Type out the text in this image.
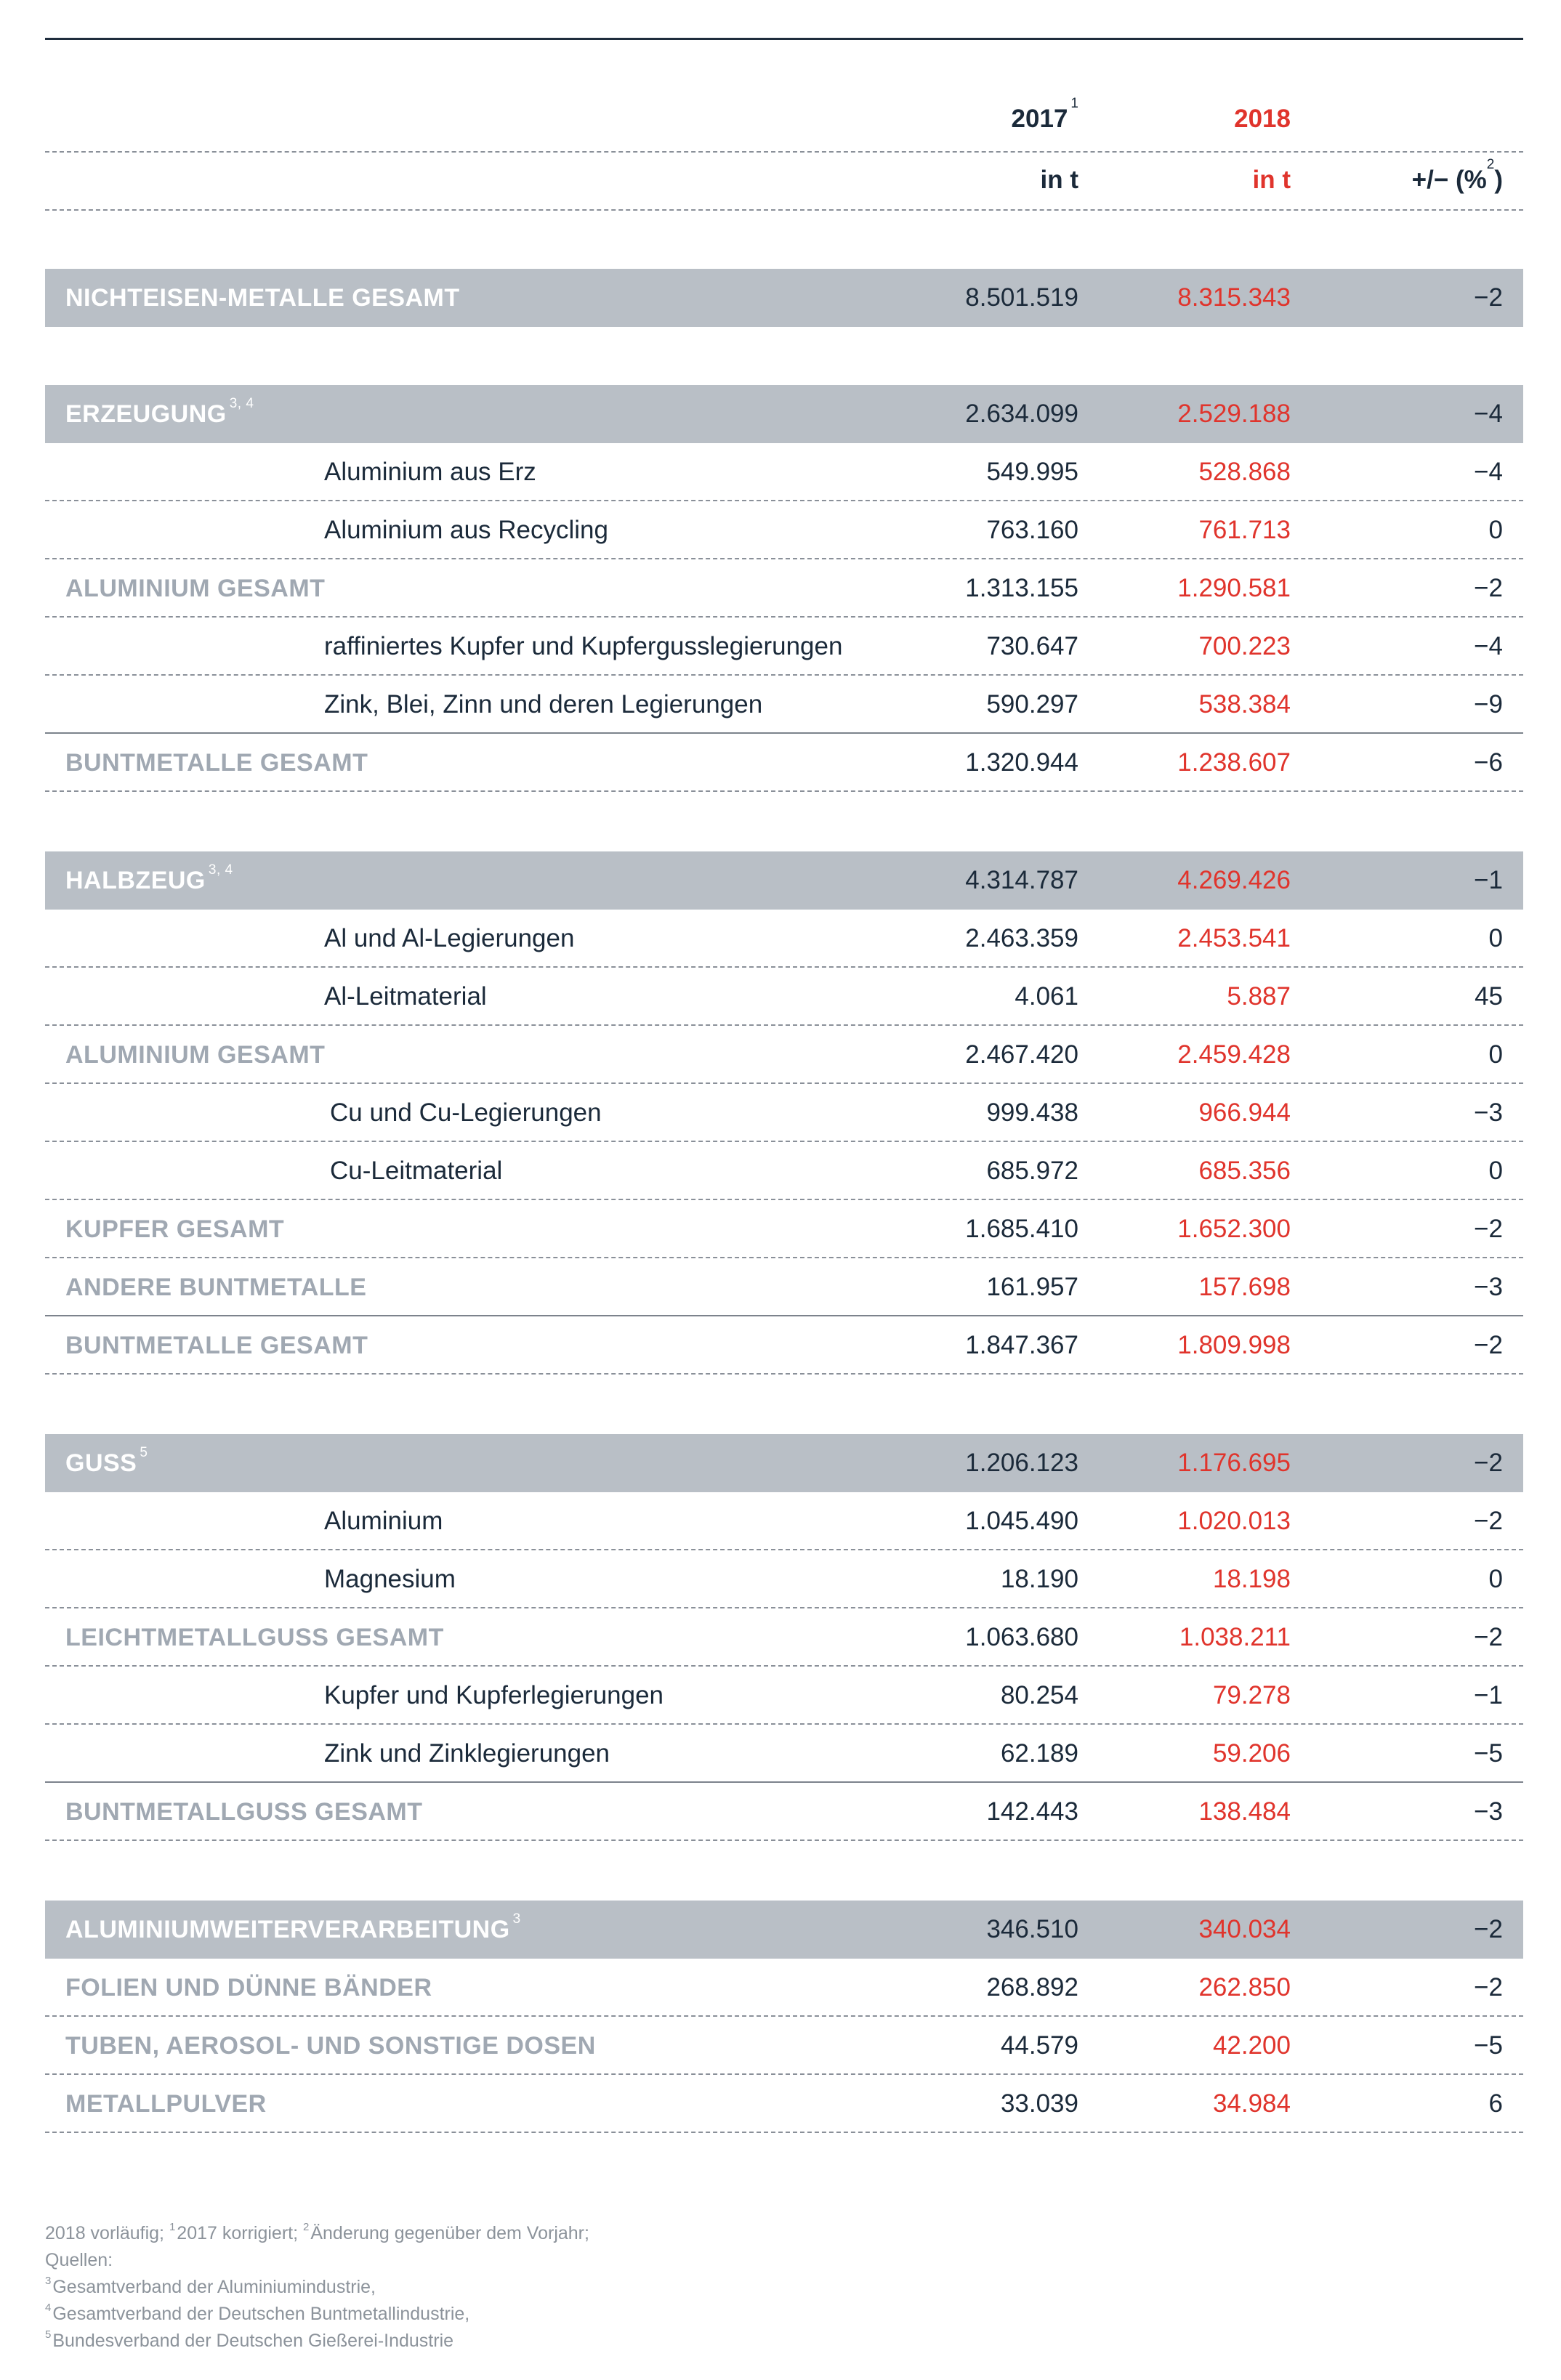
2017$^1$
2018
in t	in t	+/− (%$^2$)
NICHTEISEN-METALLE GESAMT	8.501.519	8.315.343	−2
ERZEUGUNG $^{3, 4}$	2.634.099	2.529.188	−4
Aluminium aus Erz	549.995	528.868	−4
Aluminium aus Recycling	763.160	761.713	0
ALUMINIUM GESAMT	1.313.155	1.290.581	−2
raffiniertes Kupfer und Kupfergusslegierungen	730.647	700.223	−4
Zink, Blei, Zinn und deren Legierungen	590.297	538.384	−9
BUNTMETALLE GESAMT	1.320.944	1.238.607	−6
HALBZEUG $^{3, 4}$	4.314.787	4.269.426	−1
Al und Al-Legierungen	2.463.359	2.453.541	0
Al-Leitmaterial	4.061	5.887	45
ALUMINIUM GESAMT	2.467.420	2.459.428	0
Cu und Cu-Legierungen	999.438	966.944	−3
Cu-Leitmaterial	685.972	685.356	0
KUPFER GESAMT	1.685.410	1.652.300	−2
ANDERE BUNTMETALLE	161.957	157.698	−3
BUNTMETALLE GESAMT	1.847.367	1.809.998	−2
GUSS $^5$	1.206.123	1.176.695	−2
Aluminium	1.045.490	1.020.013	−2
Magnesium	18.190	18.198	0
LEICHTMETALLGUSS GESAMT	1.063.680	1.038.211	−2
Kupfer und Kupferlegierungen	80.254	79.278	−1
Zink und Zinklegierungen	62.189	59.206	−5
BUNTMETALLGUSS GESAMT	142.443	138.484	−3
ALUMINIUMWEITERVERARBEITUNG $^3$	346.510	340.034	−2
FOLIEN UND DÜNNE BÄNDER	268.892	262.850	−2
TUBEN, AEROSOL- UND SONSTIGE DOSEN	44.579	42.200	−5
METALLPULVER	33.039	34.984	6
2018 vorläufig; $^1$2017 korrigiert; $^2$Änderung gegenüber dem Vorjahr;
Quellen:
$^3$Gesamtverband der Aluminiumindustrie,
$^4$Gesamtverband der Deutschen Buntmetallindustrie,
$^5$Bundesverband der Deutschen Gießerei-Industrie
